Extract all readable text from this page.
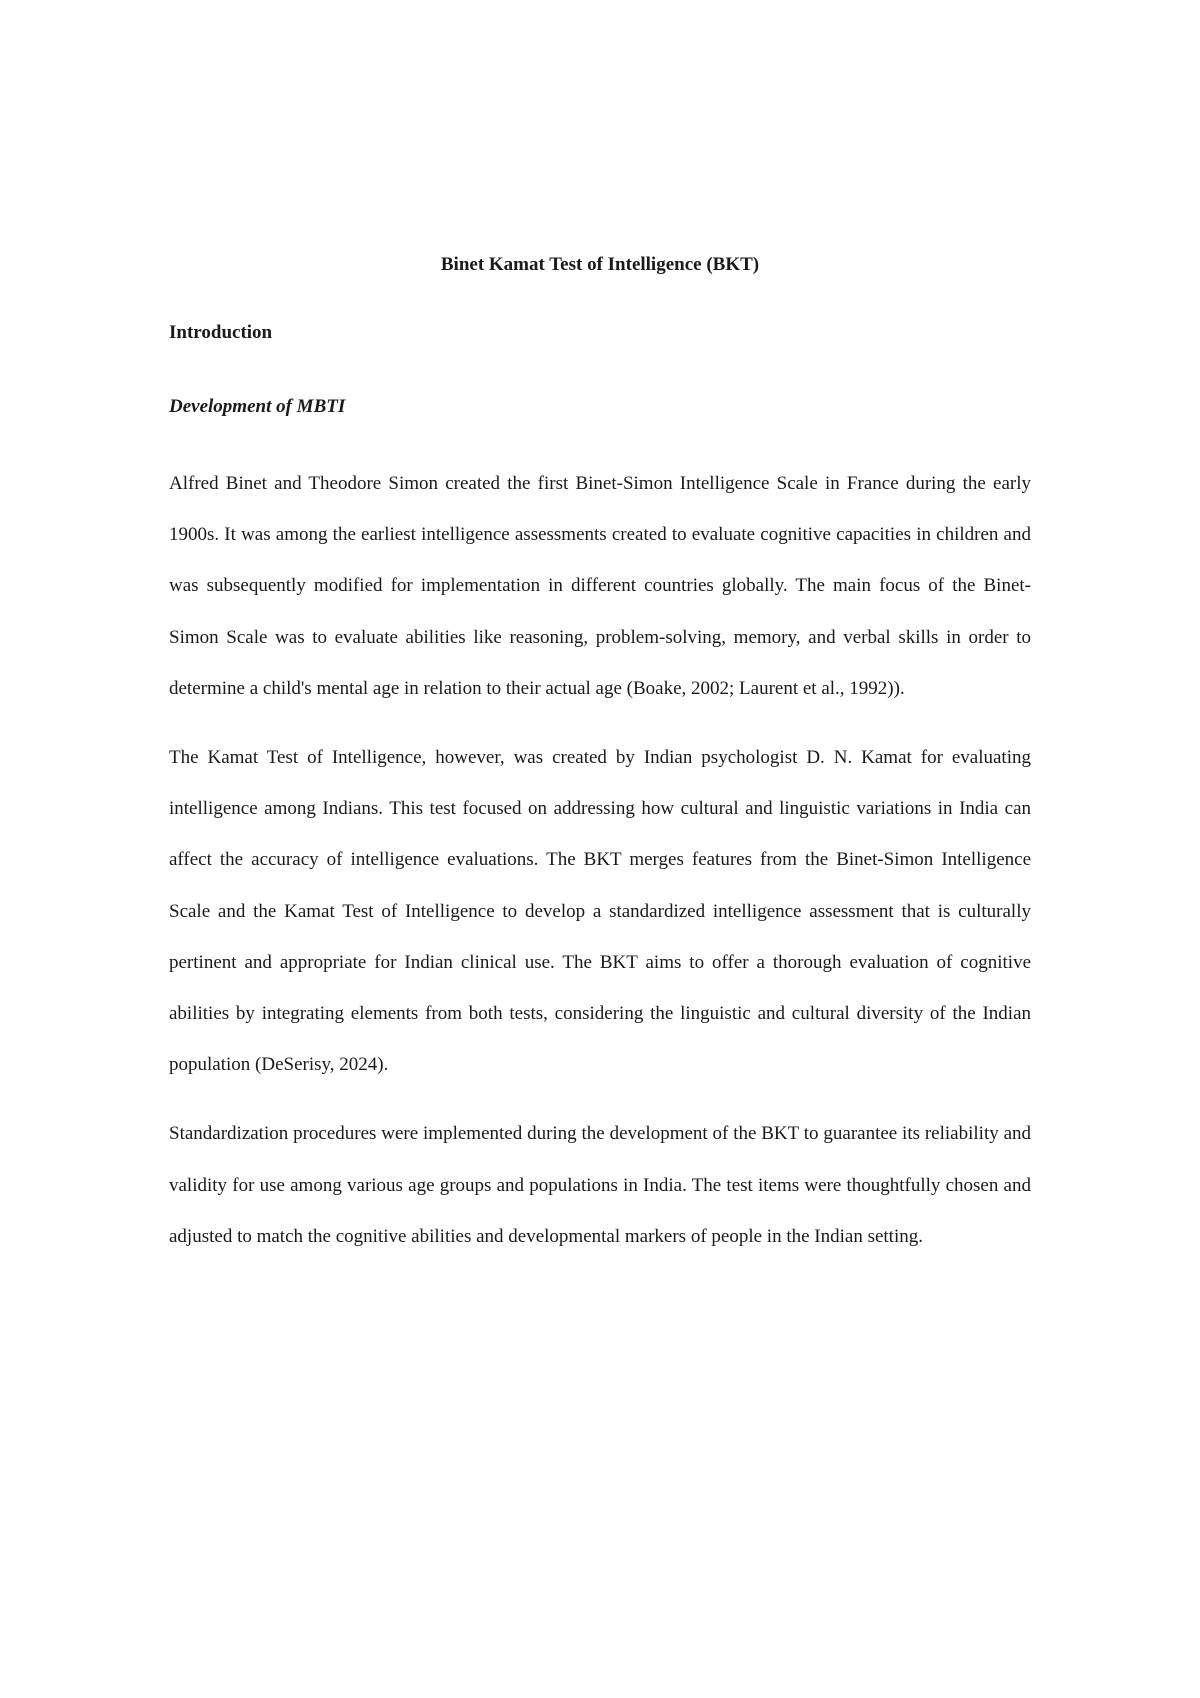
Binet Kamat Test of Intelligence (BKT)
Introduction
Development of MBTI

Alfred Binet and Theodore Simon created the first Binet-Simon Intelligence Scale in France during the early 1900s. It was among the earliest intelligence assessments created to evaluate cognitive capacities in children and was subsequently modified for implementation in different countries globally. The main focus of the Binet-Simon Scale was to evaluate abilities like reasoning, problem-solving, memory, and verbal skills in order to determine a child's mental age in relation to their actual age (Boake, 2002; Laurent et al., 1992)).

The Kamat Test of Intelligence, however, was created by Indian psychologist D. N. Kamat for evaluating intelligence among Indians. This test focused on addressing how cultural and linguistic variations in India can affect the accuracy of intelligence evaluations. The BKT merges features from the Binet-Simon Intelligence Scale and the Kamat Test of Intelligence to develop a standardized intelligence assessment that is culturally pertinent and appropriate for Indian clinical use. The BKT aims to offer a thorough evaluation of cognitive abilities by integrating elements from both tests, considering the linguistic and cultural diversity of the Indian population (DeSerisy, 2024).

Standardization procedures were implemented during the development of the BKT to guarantee its reliability and validity for use among various age groups and populations in India. The test items were thoughtfully chosen and adjusted to match the cognitive abilities and developmental markers of people in the Indian setting.
